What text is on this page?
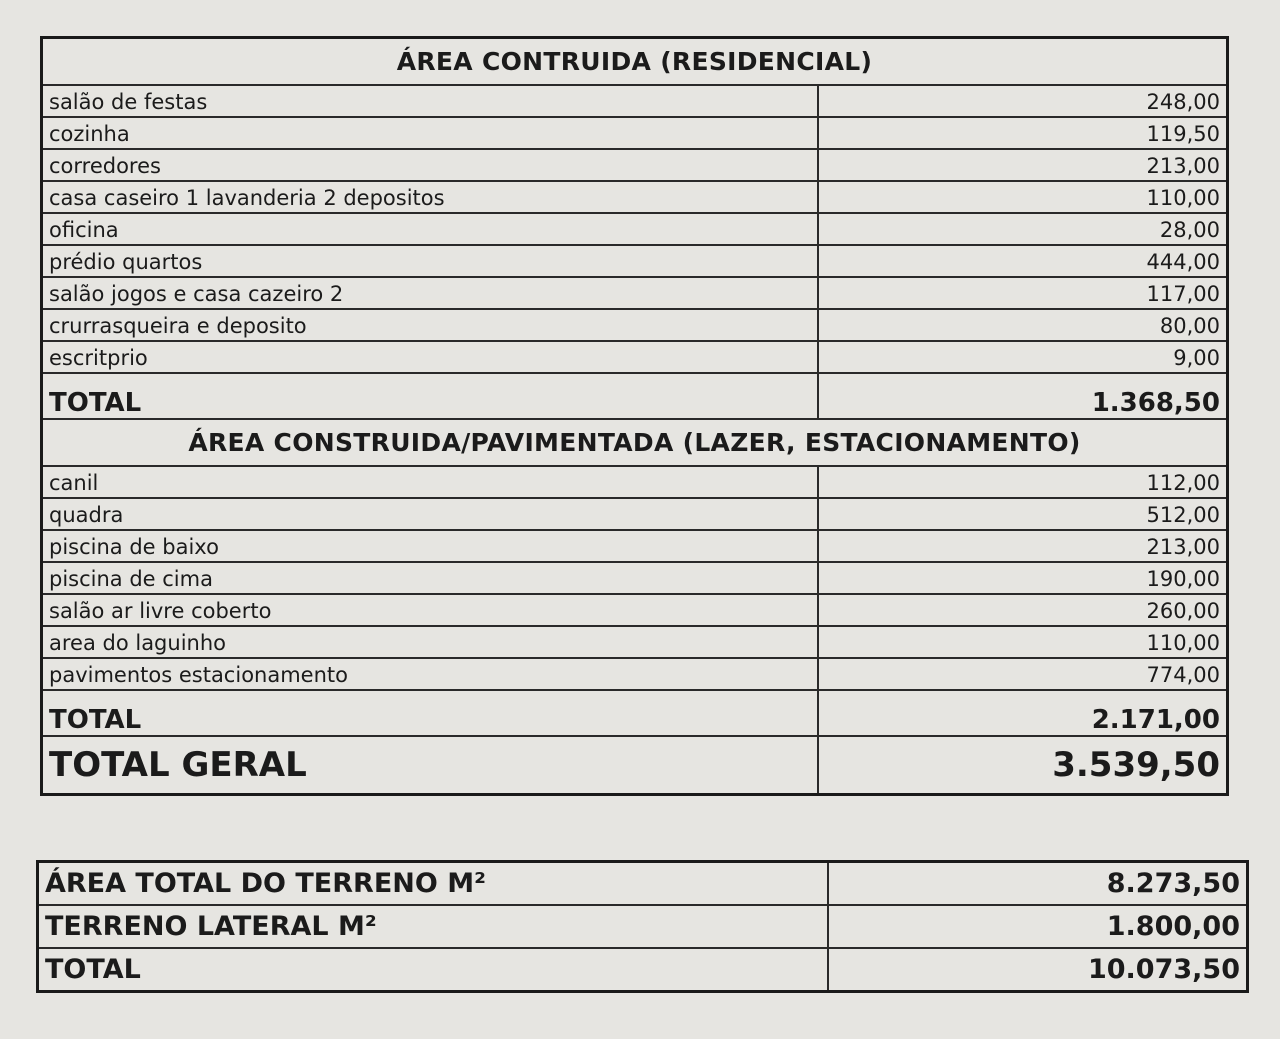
ÁREA CONTRUIDA (RESIDENCIAL)	
salão de festas	248,00
cozinha	119,50
corredores	213,00
casa caseiro 1 lavanderia 2 depositos	110,00
oficina	28,00
prédio quartos	444,00
salão jogos e casa cazeiro 2	117,00
crurrasqueira e deposito	80,00
escritprio	9,00
TOTAL	1.368,50
ÁREA CONSTRUIDA/PAVIMENTADA (LAZER, ESTACIONAMENTO)	
canil	112,00
quadra	512,00
piscina de baixo	213,00
piscina de cima	190,00
salão ar livre coberto	260,00
area do laguinho	110,00
pavimentos estacionamento	774,00
TOTAL	2.171,00
TOTAL GERAL	3.539,50
ÁREA TOTAL DO TERRENO M²	8.273,50
TERRENO LATERAL M²	1.800,00
TOTAL	10.073,50
